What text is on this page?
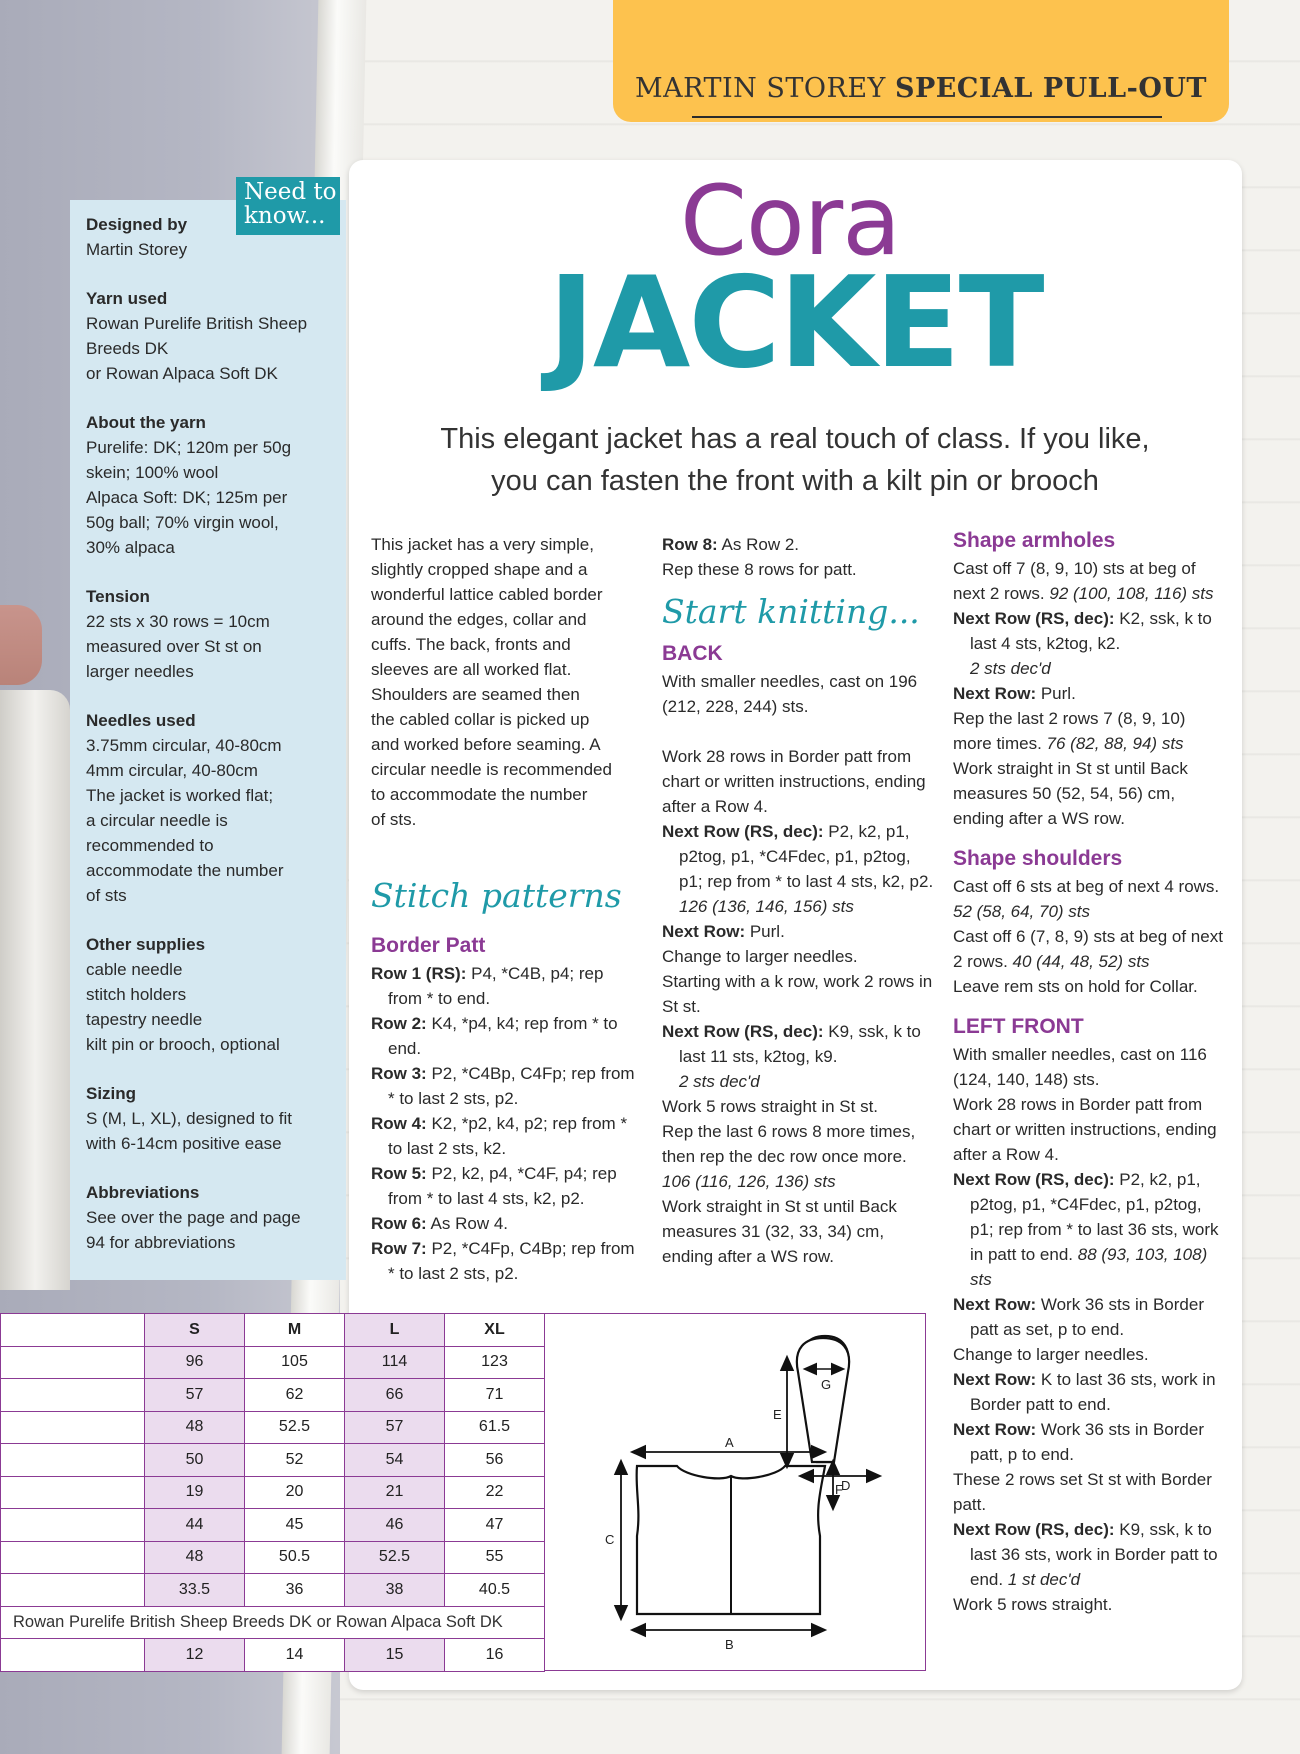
MARTIN STOREY SPECIAL PULL-OUT
Cora
JACKET
This elegant jacket has a real touch of class. If you like,
you can fasten the front with a kilt pin or brooch
Need to
know...
Designed by
Martin Storey
Yarn used
Rowan Purelife British Sheep
Breeds DK
or Rowan Alpaca Soft DK
About the yarn
Purelife: DK; 120m per 50g
skein; 100% wool
Alpaca Soft: DK; 125m per
50g ball; 70% virgin wool,
30% alpaca
Tension
22 sts x 30 rows = 10cm
measured over St st on
larger needles
Needles used
3.75mm circular, 40-80cm
4mm circular, 40-80cm
The jacket is worked flat;
a circular needle is
recommended to
accommodate the number
of sts
Other supplies
cable needle
stitch holders
tapestry needle
kilt pin or brooch, optional
Sizing
S (M, L, XL), designed to fit
with 6-14cm positive ease
Abbreviations
See over the page and page
94 for abbreviations
This jacket has a very simple,
slightly cropped shape and a
wonderful lattice cabled border
around the edges, collar and
cuffs. The back, fronts and
sleeves are all worked flat.
Shoulders are seamed then
the cabled collar is picked up
and worked before seaming. A
circular needle is recommended
to accommodate the number
of sts.
Stitch patterns
Border Patt

Row 1 (RS): P4, *C4B, p4; rep from * to end.

Row 2: K4, *p4, k4; rep from * to end.

Row 3: P2, *C4Bp, C4Fp; rep from * to last 2 sts, p2.

Row 4: K2, *p2, k4, p2; rep from * to last 2 sts, k2.

Row 5: P2, k2, p4, *C4F, p4; rep from * to last 4 sts, k2, p2.

Row 6: As Row 4.

Row 7: P2, *C4Fp, C4Bp; rep from * to last 2 sts, p2.

Row 8: As Row 2.

Rep these 8 rows for patt.

Start knitting...
BACK

With smaller needles, cast on 196 (212, 228, 244) sts.

Work 28 rows in Border patt from chart or written instructions, ending after a Row 4.

Next Row (RS, dec): P2, k2, p1, p2tog, p1, *C4Fdec, p1, p2tog, p1; rep from * to last 4 sts, k2, p2. 126 (136, 146, 156) sts

Next Row: Purl.

Change to larger needles.

Starting with a k row, work 2 rows in St st.

Next Row (RS, dec): K9, ssk, k to last 11 sts, k2tog, k9.
2 sts dec'd

Work 5 rows straight in St st.

Rep the last 6 rows 8 more times, then rep the dec row once more. 106 (116, 126, 136) sts

Work straight in St st until Back measures 31 (32, 33, 34) cm, ending after a WS row.

Shape armholes

Cast off 7 (8, 9, 10) sts at beg of next 2 rows. 92 (100, 108, 116) sts

Next Row (RS, dec): K2, ssk, k to last 4 sts, k2tog, k2.
2 sts dec'd

Next Row: Purl.

Rep the last 2 rows 7 (8, 9, 10) more times. 76 (82, 88, 94) sts

Work straight in St st until Back measures 50 (52, 54, 56) cm, ending after a WS row.

Shape shoulders

Cast off 6 sts at beg of next 4 rows. 52 (58, 64, 70) sts

Cast off 6 (7, 8, 9) sts at beg of next 2 rows. 40 (44, 48, 52) sts

Leave rem sts on hold for Collar.

LEFT FRONT

With smaller needles, cast on 116 (124, 140, 148) sts.

Work 28 rows in Border patt from chart or written instructions, ending after a Row 4.

Next Row (RS, dec): P2, k2, p1, p2tog, p1, *C4Fdec, p1, p2tog, p1; rep from * to last 36 sts, work in patt to end. 88 (93, 103, 108) sts

Next Row: Work 36 sts in Border patt as set, p to end.

Change to larger needles.

Next Row: K to last 36 sts, work in Border patt to end.

Next Row: Work 36 sts in Border patt, p to end.

These 2 rows set St st with Border patt.

Next Row (RS, dec): K9, ssk, k to last 36 sts, work in Border patt to end. 1 st dec'd

Work 5 rows straight.

	S	M	L	XL
	96	105	114	123
	57	62	66	71
	48	52.5	57	61.5
	50	52	54	56
	19	20	21	22
	44	45	46	47
	48	50.5	52.5	55
	33.5	36	38	40.5
Rowan Purelife British Sheep Breeds DK or Rowan Alpaca Soft DK				
	12	14	15	16
A
B
C
D
E
F
G
